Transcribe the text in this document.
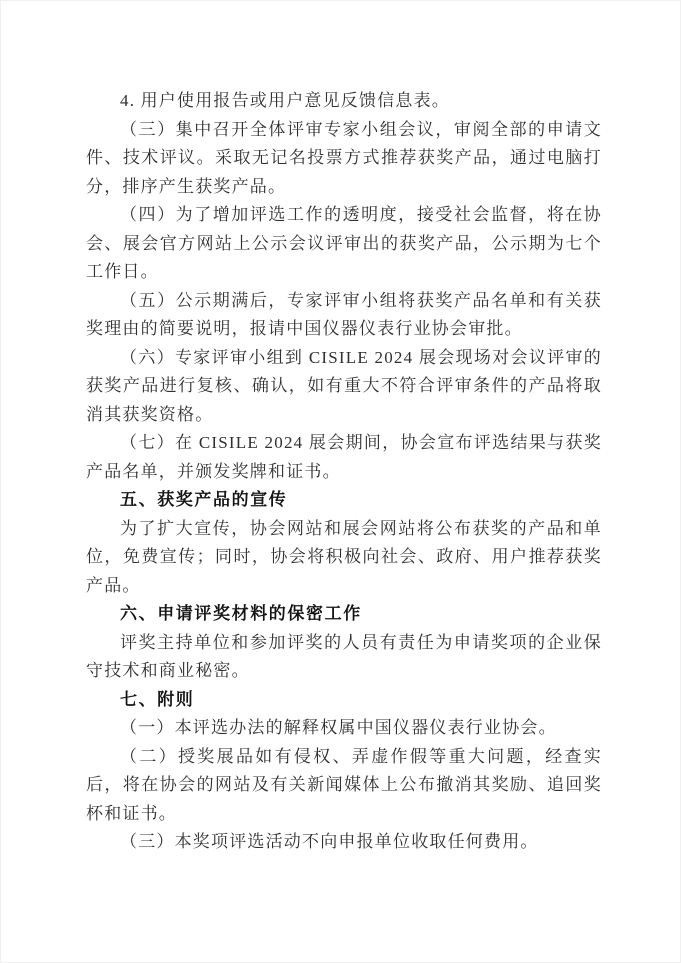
4. 用户使用报告或用户意见反馈信息表。

（三）集中召开全体评审专家小组会议，审阅全部的申请文件、技术评议。采取无记名投票方式推荐获奖产品，通过电脑打分，排序产生获奖产品。

（四）为了增加评选工作的透明度，接受社会监督，将在协会、展会官方网站上公示会议评审出的获奖产品，公示期为七个工作日。

（五）公示期满后，专家评审小组将获奖产品名单和有关获奖理由的简要说明，报请中国仪器仪表行业协会审批。

（六）专家评审小组到 CISILE 2024 展会现场对会议评审的获奖产品进行复核、确认，如有重大不符合评审条件的产品将取消其获奖资格。

（七）在 CISILE 2024 展会期间，协会宣布评选结果与获奖产品名单，并颁发奖牌和证书。

五、获奖产品的宣传

为了扩大宣传，协会网站和展会网站将公布获奖的产品和单位，免费宣传；同时，协会将积极向社会、政府、用户推荐获奖产品。

六、申请评奖材料的保密工作

评奖主持单位和参加评奖的人员有责任为申请奖项的企业保守技术和商业秘密。

七、附则

（一）本评选办法的解释权属中国仪器仪表行业协会。

（二）授奖展品如有侵权、弄虚作假等重大问题，经查实后，将在协会的网站及有关新闻媒体上公布撤消其奖励、追回奖杯和证书。

（三）本奖项评选活动不向申报单位收取任何费用。
